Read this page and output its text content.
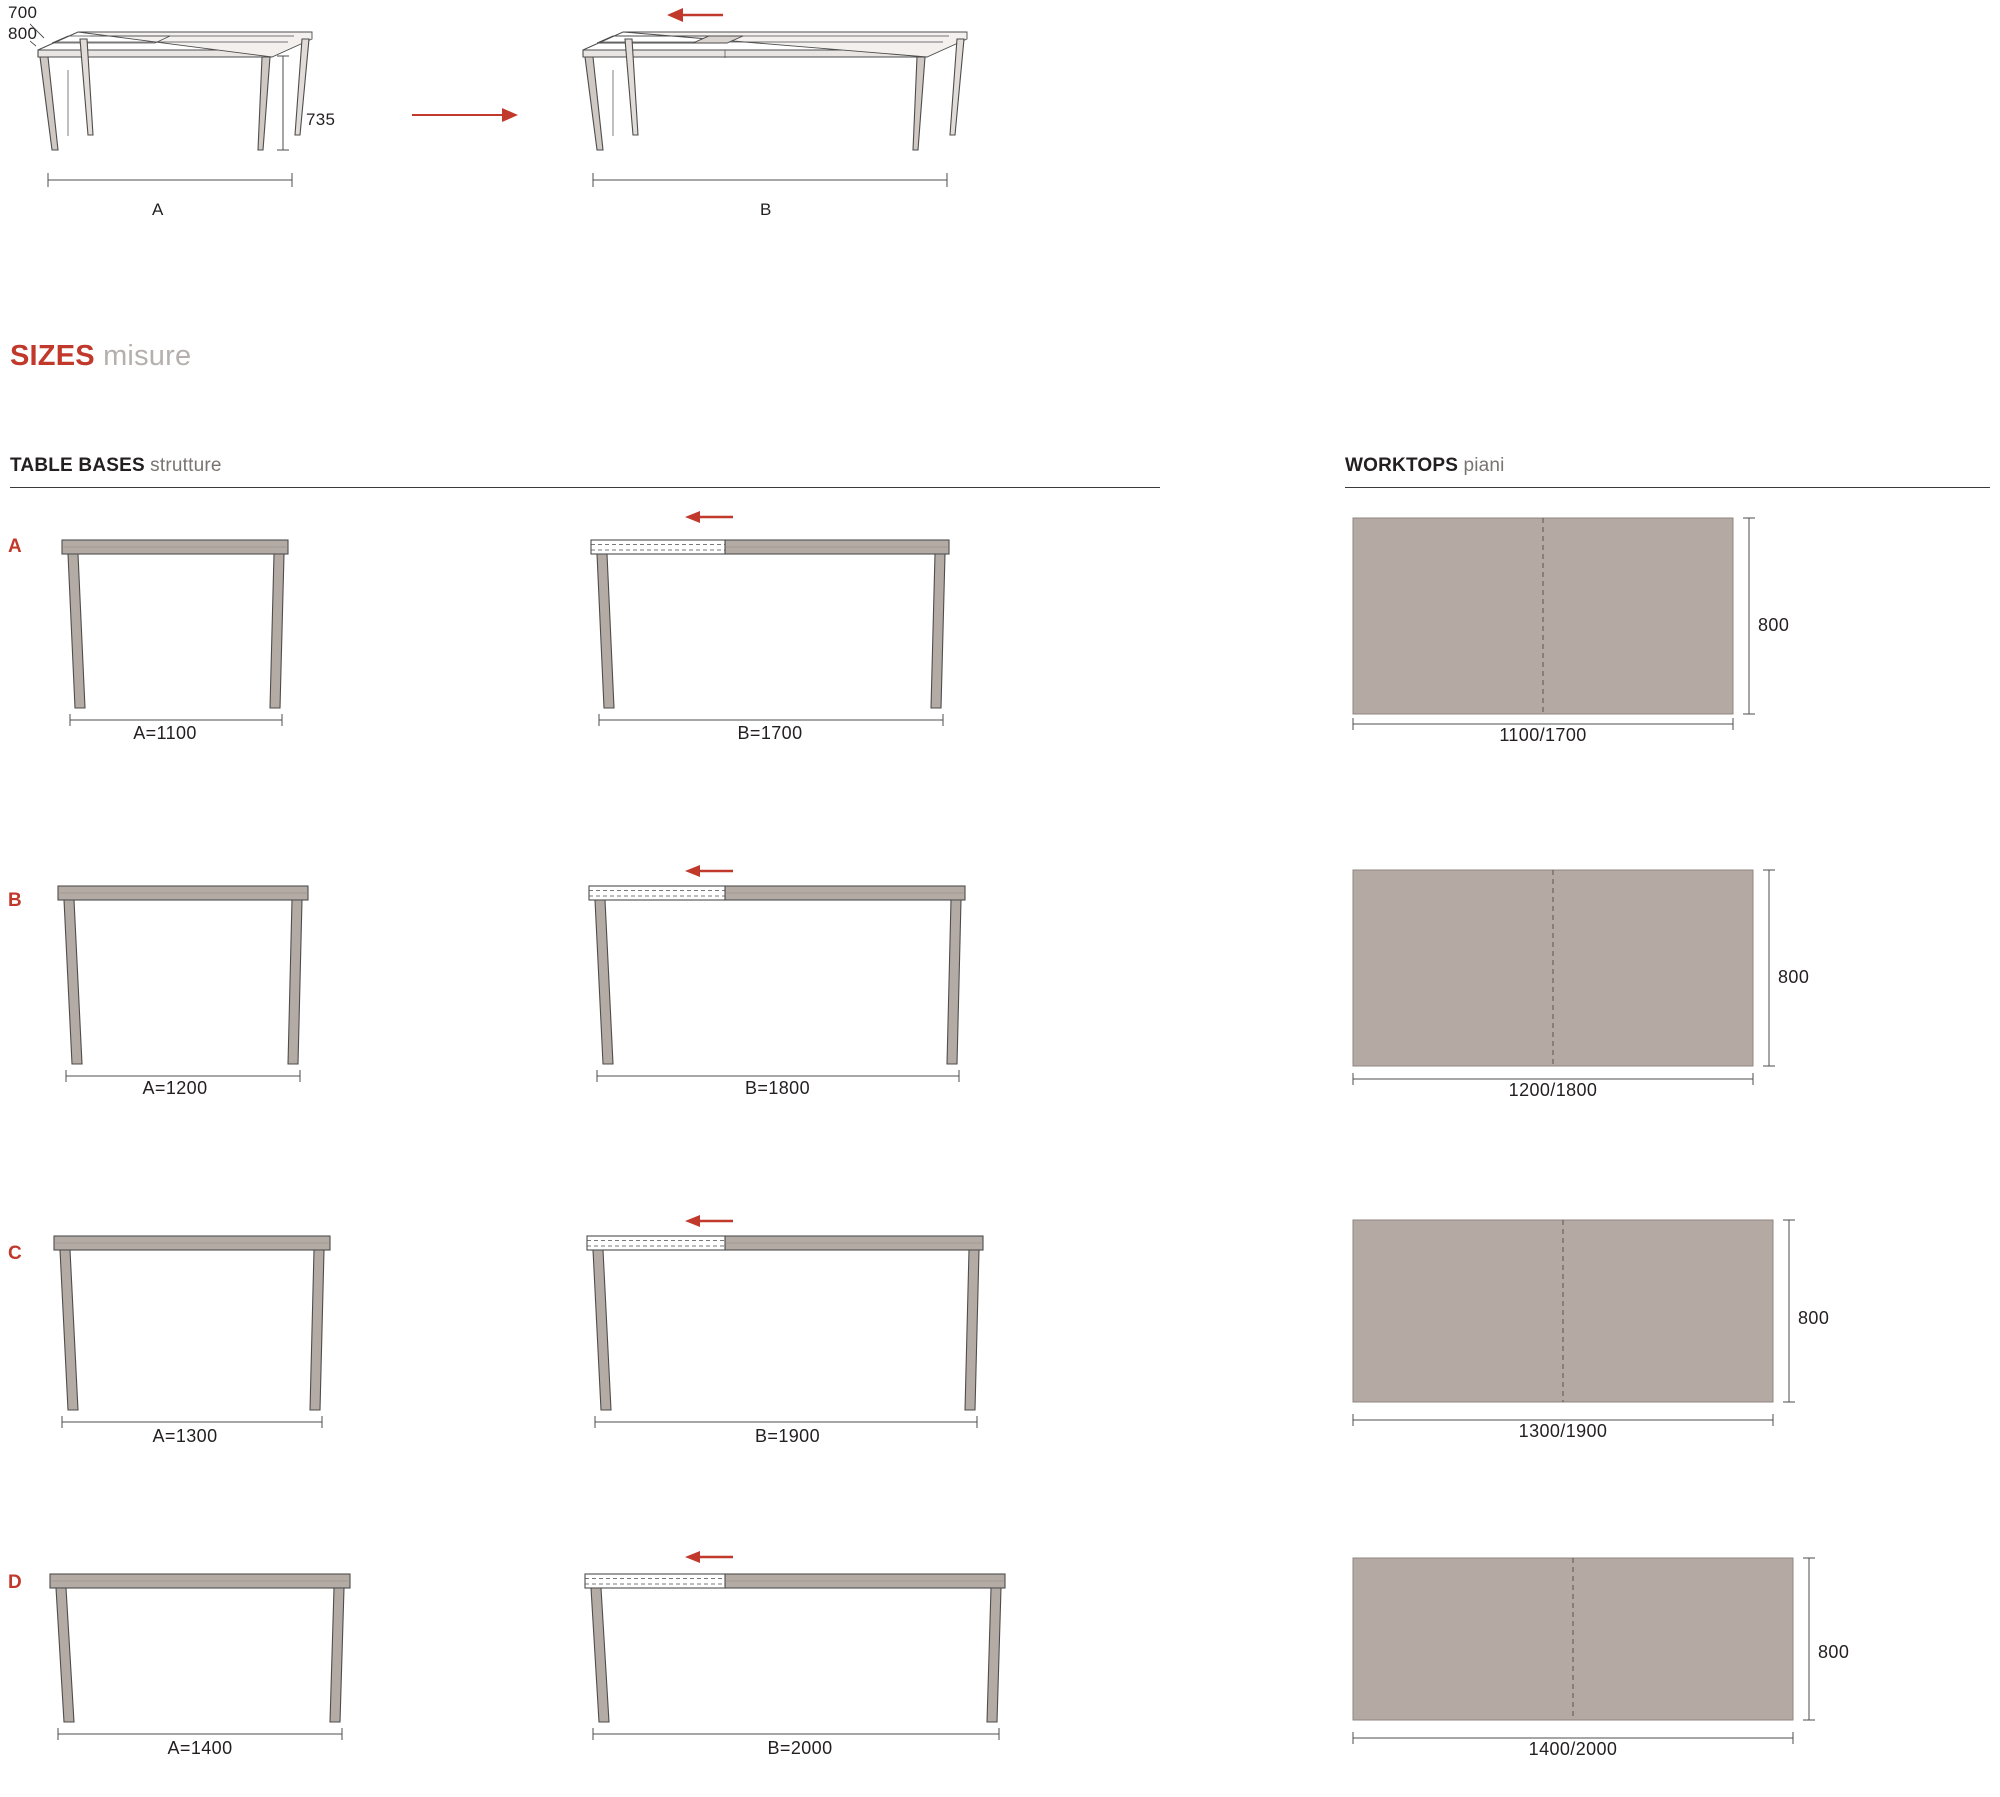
700
800
735
A	B
SIZES misure
TABLE BASES strutture	WORKTOPS piani
A
A=1100	B=1700
800
1100/1700
B
A=1200	B=1800
800
1200/1800
C
A=1300	B=1900
800
1300/1900
D
A=1400	B=2000
800
1400/2000
